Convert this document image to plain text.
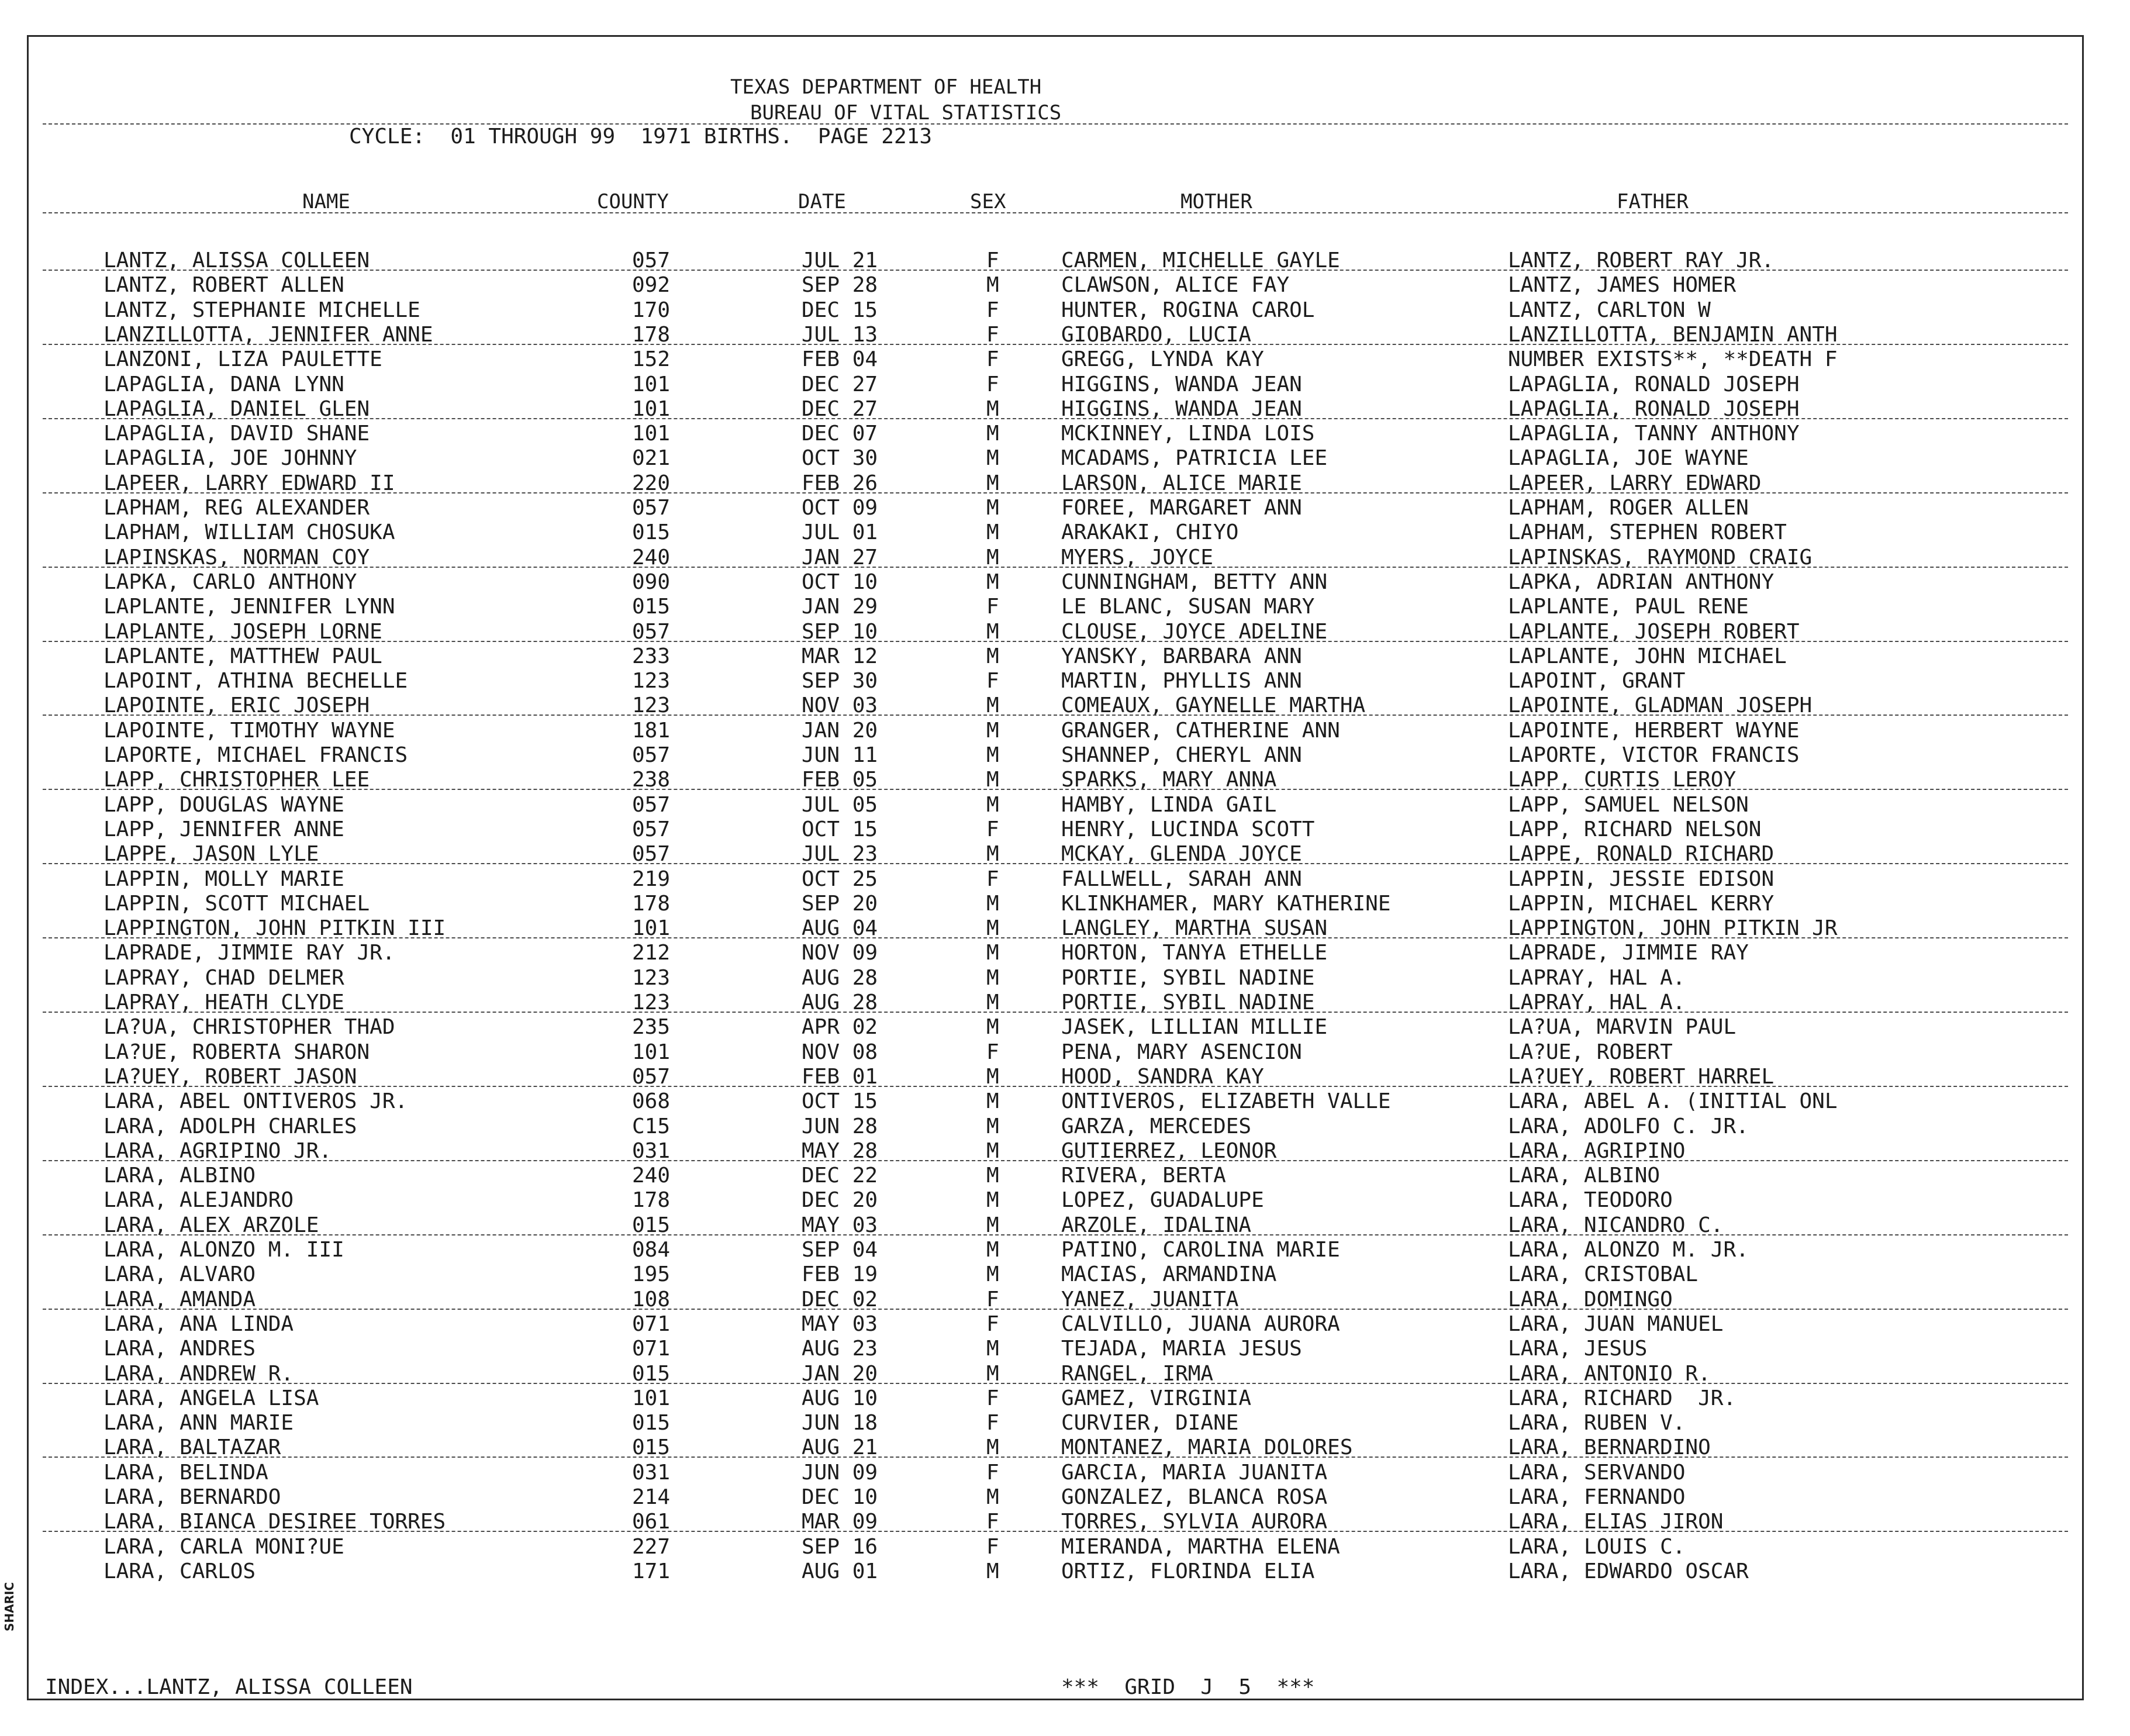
TEXAS DEPARTMENT OF HEALTH
BUREAU OF VITAL STATISTICS
CYCLE:  01 THROUGH 99  1971 BIRTHS.  PAGE 2213
NAME	COUNTY	DATE	SEX	MOTHER	FATHER
LANTZ, ALISSA COLLEEN	057	JUL 21	F	CARMEN, MICHELLE GAYLE	LANTZ, ROBERT RAY JR.
LANTZ, ROBERT ALLEN	092	SEP 28	M	CLAWSON, ALICE FAY	LANTZ, JAMES HOMER
LANTZ, STEPHANIE MICHELLE	170	DEC 15	F	HUNTER, ROGINA CAROL	LANTZ, CARLTON W
LANZILLOTTA, JENNIFER ANNE	178	JUL 13	F	GIOBARDO, LUCIA	LANZILLOTTA, BENJAMIN ANTH
LANZONI, LIZA PAULETTE	152	FEB 04	F	GREGG, LYNDA KAY	NUMBER EXISTS**, **DEATH F
LAPAGLIA, DANA LYNN	101	DEC 27	F	HIGGINS, WANDA JEAN	LAPAGLIA, RONALD JOSEPH
LAPAGLIA, DANIEL GLEN	101	DEC 27	M	HIGGINS, WANDA JEAN	LAPAGLIA, RONALD JOSEPH
LAPAGLIA, DAVID SHANE	101	DEC 07	M	MCKINNEY, LINDA LOIS	LAPAGLIA, TANNY ANTHONY
LAPAGLIA, JOE JOHNNY	021	OCT 30	M	MCADAMS, PATRICIA LEE	LAPAGLIA, JOE WAYNE
LAPEER, LARRY EDWARD II	220	FEB 26	M	LARSON, ALICE MARIE	LAPEER, LARRY EDWARD
LAPHAM, REG ALEXANDER	057	OCT 09	M	FOREE, MARGARET ANN	LAPHAM, ROGER ALLEN
LAPHAM, WILLIAM CHOSUKA	015	JUL 01	M	ARAKAKI, CHIYO	LAPHAM, STEPHEN ROBERT
LAPINSKAS, NORMAN COY	240	JAN 27	M	MYERS, JOYCE	LAPINSKAS, RAYMOND CRAIG
LAPKA, CARLO ANTHONY	090	OCT 10	M	CUNNINGHAM, BETTY ANN	LAPKA, ADRIAN ANTHONY
LAPLANTE, JENNIFER LYNN	015	JAN 29	F	LE BLANC, SUSAN MARY	LAPLANTE, PAUL RENE
LAPLANTE, JOSEPH LORNE	057	SEP 10	M	CLOUSE, JOYCE ADELINE	LAPLANTE, JOSEPH ROBERT
LAPLANTE, MATTHEW PAUL	233	MAR 12	M	YANSKY, BARBARA ANN	LAPLANTE, JOHN MICHAEL
LAPOINT, ATHINA BECHELLE	123	SEP 30	F	MARTIN, PHYLLIS ANN	LAPOINT, GRANT
LAPOINTE, ERIC JOSEPH	123	NOV 03	M	COMEAUX, GAYNELLE MARTHA	LAPOINTE, GLADMAN JOSEPH
LAPOINTE, TIMOTHY WAYNE	181	JAN 20	M	GRANGER, CATHERINE ANN	LAPOINTE, HERBERT WAYNE
LAPORTE, MICHAEL FRANCIS	057	JUN 11	M	SHANNEP, CHERYL ANN	LAPORTE, VICTOR FRANCIS
LAPP, CHRISTOPHER LEE	238	FEB 05	M	SPARKS, MARY ANNA	LAPP, CURTIS LEROY
LAPP, DOUGLAS WAYNE	057	JUL 05	M	HAMBY, LINDA GAIL	LAPP, SAMUEL NELSON
LAPP, JENNIFER ANNE	057	OCT 15	F	HENRY, LUCINDA SCOTT	LAPP, RICHARD NELSON
LAPPE, JASON LYLE	057	JUL 23	M	MCKAY, GLENDA JOYCE	LAPPE, RONALD RICHARD
LAPPIN, MOLLY MARIE	219	OCT 25	F	FALLWELL, SARAH ANN	LAPPIN, JESSIE EDISON
LAPPIN, SCOTT MICHAEL	178	SEP 20	M	KLINKHAMER, MARY KATHERINE	LAPPIN, MICHAEL KERRY
LAPPINGTON, JOHN PITKIN III	101	AUG 04	M	LANGLEY, MARTHA SUSAN	LAPPINGTON, JOHN PITKIN JR
LAPRADE, JIMMIE RAY JR.	212	NOV 09	M	HORTON, TANYA ETHELLE	LAPRADE, JIMMIE RAY
LAPRAY, CHAD DELMER	123	AUG 28	M	PORTIE, SYBIL NADINE	LAPRAY, HAL A.
LAPRAY, HEATH CLYDE	123	AUG 28	M	PORTIE, SYBIL NADINE	LAPRAY, HAL A.
LA?UA, CHRISTOPHER THAD	235	APR 02	M	JASEK, LILLIAN MILLIE	LA?UA, MARVIN PAUL
LA?UE, ROBERTA SHARON	101	NOV 08	F	PENA, MARY ASENCION	LA?UE, ROBERT
LA?UEY, ROBERT JASON	057	FEB 01	M	HOOD, SANDRA KAY	LA?UEY, ROBERT HARREL
LARA, ABEL ONTIVEROS JR.	068	OCT 15	M	ONTIVEROS, ELIZABETH VALLE	LARA, ABEL A. (INITIAL ONL
LARA, ADOLPH CHARLES	C15	JUN 28	M	GARZA, MERCEDES	LARA, ADOLFO C. JR.
LARA, AGRIPINO JR.	031	MAY 28	M	GUTIERREZ, LEONOR	LARA, AGRIPINO
LARA, ALBINO	240	DEC 22	M	RIVERA, BERTA	LARA, ALBINO
LARA, ALEJANDRO	178	DEC 20	M	LOPEZ, GUADALUPE	LARA, TEODORO
LARA, ALEX ARZOLE	015	MAY 03	M	ARZOLE, IDALINA	LARA, NICANDRO C.
LARA, ALONZO M. III	084	SEP 04	M	PATINO, CAROLINA MARIE	LARA, ALONZO M. JR.
LARA, ALVARO	195	FEB 19	M	MACIAS, ARMANDINA	LARA, CRISTOBAL
LARA, AMANDA	108	DEC 02	F	YANEZ, JUANITA	LARA, DOMINGO
LARA, ANA LINDA	071	MAY 03	F	CALVILLO, JUANA AURORA	LARA, JUAN MANUEL
LARA, ANDRES	071	AUG 23	M	TEJADA, MARIA JESUS	LARA, JESUS
LARA, ANDREW R.	015	JAN 20	M	RANGEL, IRMA	LARA, ANTONIO R.
LARA, ANGELA LISA	101	AUG 10	F	GAMEZ, VIRGINIA	LARA, RICHARD  JR.
LARA, ANN MARIE	015	JUN 18	F	CURVIER, DIANE	LARA, RUBEN V.
LARA, BALTAZAR	015	AUG 21	M	MONTANEZ, MARIA DOLORES	LARA, BERNARDINO
LARA, BELINDA	031	JUN 09	F	GARCIA, MARIA JUANITA	LARA, SERVANDO
LARA, BERNARDO	214	DEC 10	M	GONZALEZ, BLANCA ROSA	LARA, FERNANDO
LARA, BIANCA DESIREE TORRES	061	MAR 09	F	TORRES, SYLVIA AURORA	LARA, ELIAS JIRON
LARA, CARLA MONI?UE	227	SEP 16	F	MIERANDA, MARTHA ELENA	LARA, LOUIS C.
LARA, CARLOS	171	AUG 01	M	ORTIZ, FLORINDA ELIA	LARA, EDWARDO OSCAR
INDEX...LANTZ, ALISSA COLLEEN	***  GRID  J  5  ***
SHARIC
